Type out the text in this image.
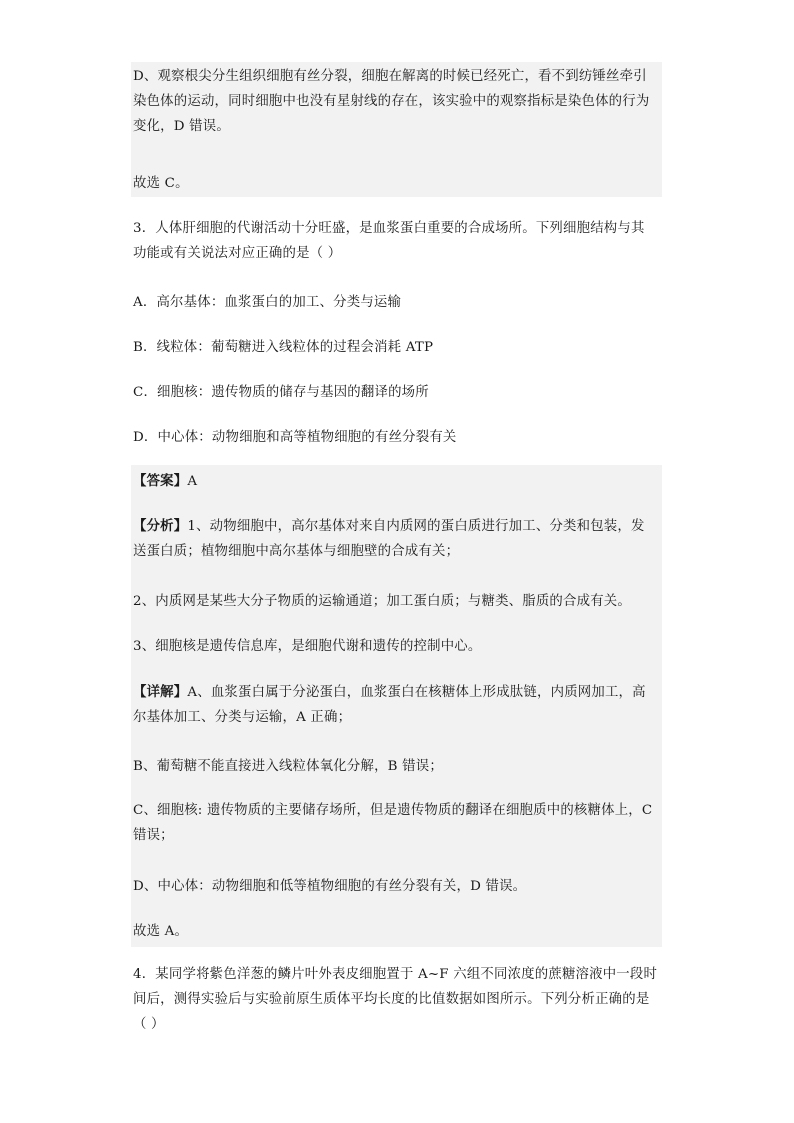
D、观察根尖分生组织细胞有丝分裂，细胞在解离的时候已经死亡，看不到纺锤丝牵引
染色体的运动，同时细胞中也没有星射线的存在，该实验中的观察指标是染色体的行为
变化，D 错误。
故选 C。
3．人体肝细胞的代谢活动十分旺盛，是血浆蛋白重要的合成场所。下列细胞结构与其
功能或有关说法对应正确的是（ ）
A．高尔基体：血浆蛋白的加工、分类与运输
B．线粒体：葡萄糖进入线粒体的过程会消耗 ATP
C．细胞核：遗传物质的储存与基因的翻译的场所
D．中心体：动物细胞和高等植物细胞的有丝分裂有关
【答案】A
【分析】1、动物细胞中，高尔基体对来自内质网的蛋白质进行加工、分类和包装，发
送蛋白质；植物细胞中高尔基体与细胞壁的合成有关；
2、内质网是某些大分子物质的运输通道；加工蛋白质；与糖类、脂质的合成有关。
3、细胞核是遗传信息库，是细胞代谢和遗传的控制中心。
【详解】A、血浆蛋白属于分泌蛋白，血浆蛋白在核糖体上形成肽链，内质网加工，高
尔基体加工、分类与运输，A 正确；
B、葡萄糖不能直接进入线粒体氧化分解，B 错误；
C、细胞核: 遗传物质的主要储存场所，但是遗传物质的翻译在细胞质中的核糖体上，C
错误；
D、中心体：动物细胞和低等植物细胞的有丝分裂有关，D 错误。
故选 A。
4．某同学将紫色洋葱的鳞片叶外表皮细胞置于 A~F 六组不同浓度的蔗糖溶液中一段时
间后，测得实验后与实验前原生质体平均长度的比值数据如图所示。下列分析正确的是
（ ）
